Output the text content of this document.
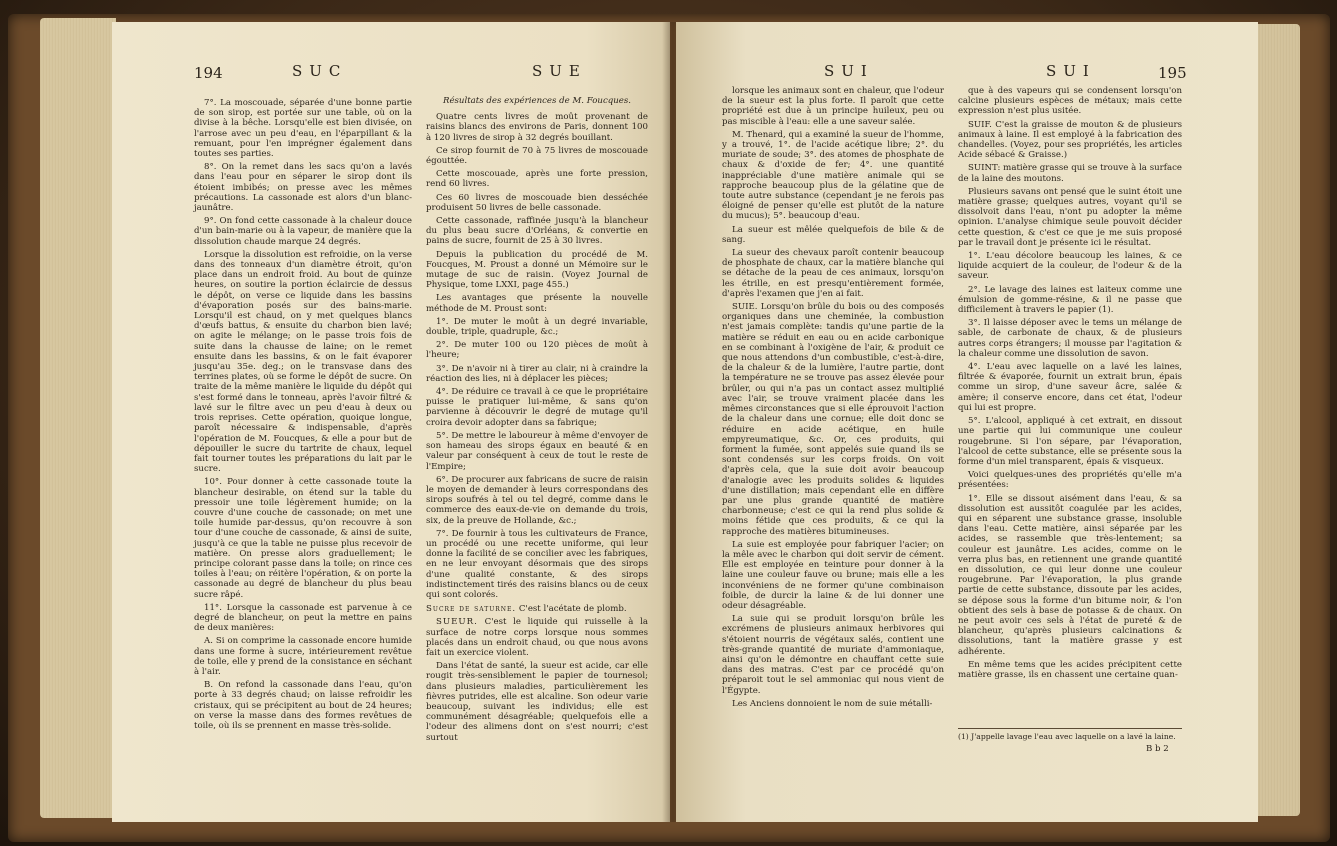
194	SUC	SUE

7°. La moscouade, séparée d'une bonne partie de son sirop, est portée sur une table, où on la divise à la bêche. Lorsqu'elle est bien divisée, on l'arrose avec un peu d'eau, en l'éparpillant & la remuant, pour l'en imprégner également dans toutes ses parties.

8°. On la remet dans les sacs qu'on a lavés dans l'eau pour en séparer le sirop dont ils étoient imbibés; on presse avec les mêmes précautions. La cassonade est alors d'un blanc-jaunâtre.

9°. On fond cette cassonade à la chaleur douce d'un bain-marie ou à la vapeur, de manière que la dissolution chaude marque 24 degrés.

Lorsque la dissolution est refroidie, on la verse dans des tonneaux d'un diamètre étroit, qu'on place dans un endroit froid. Au bout de quinze heures, on soutire la portion éclaircie de dessus le dépôt, on verse ce liquide dans les bassins d'évaporation posés sur des bains-marie. Lorsqu'il est chaud, on y met quelques blancs d'œufs battus, & ensuite du charbon bien lavé; on agite le mélange; on le passe trois fois de suite dans la chausse de laine; on le remet ensuite dans les bassins, & on le fait évaporer jusqu'au 35e. deg.; on le transvase dans des terrines plates, où se forme le dépôt de sucre. On traite de la même manière le liquide du dépôt qui s'est formé dans le tonneau, après l'avoir filtré & lavé sur le filtre avec un peu d'eau à deux ou trois reprises. Cette opération, quoique longue, paroît nécessaire & indispensable, d'après l'opération de M. Foucques, & elle a pour but de dépouiller le sucre du tartrite de chaux, lequel fait tourner toutes les préparations du lait par le sucre.

10°. Pour donner à cette cassonade toute la blancheur desirable, on étend sur la table du pressoir une toile légèrement humide; on la couvre d'une couche de cassonade; on met une toile humide par-dessus, qu'on recouvre à son tour d'une couche de cassonade, & ainsi de suite, jusqu'à ce que la table ne puisse plus recevoir de matière. On presse alors graduellement; le principe colorant passe dans la toile; on rince ces toiles à l'eau; on réitère l'opération, & on porte la cassonade au degré de blancheur du plus beau sucre râpé.

11°. Lorsque la cassonade est parvenue à ce degré de blancheur, on peut la mettre en pains de deux manières:

A. Si on comprime la cassonade encore humide dans une forme à sucre, intérieurement revêtue de toile, elle y prend de la consistance en séchant à l'air.

B. On refond la cassonade dans l'eau, qu'on porte à 33 degrés chaud; on laisse refroidir les cristaux, qui se précipitent au bout de 24 heures; on verse la masse dans des formes revêtues de toile, où ils se prennent en masse très-solide.

Résultats des expériences de M. Foucques.

Quatre cents livres de moût provenant de raisins blancs des environs de Paris, donnent 100 à 120 livres de sirop à 32 degrés bouillant.

Ce sirop fournit de 70 à 75 livres de moscouade égouttée.

Cette moscouade, après une forte pression, rend 60 livres.

Ces 60 livres de moscouade bien desséchée produisent 50 livres de belle cassonade.

Cette cassonade, raffinée jusqu'à la blancheur du plus beau sucre d'Orléans, & convertie en pains de sucre, fournit de 25 à 30 livres.

Depuis la publication du procédé de M. Foucques, M. Proust a donné un Mémoire sur le mutage de suc de raisin. (Voyez Journal de Physique, tome LXXI, page 455.)

Les avantages que présente la nouvelle méthode de M. Proust sont:

1°. De muter le moût à un degré invariable, double, triple, quadruple, &c.;

2°. De muter 100 ou 120 pièces de moût à l'heure;

3°. De n'avoir ni à tirer au clair, ni à craindre la réaction des lies, ni à déplacer les pièces;

4°. De réduire ce travail à ce que le propriétaire puisse le pratiquer lui-même, & sans qu'on parvienne à découvrir le degré de mutage qu'il croira devoir adopter dans sa fabrique;

5°. De mettre le laboureur à même d'envoyer de son hameau des sirops égaux en beauté & en valeur par conséquent à ceux de tout le reste de l'Empire;

6°. De procurer aux fabricans de sucre de raisin le moyen de demander à leurs correspondans des sirops soufrés à tel ou tel degré, comme dans le commerce des eaux-de-vie on demande du trois, six, de la preuve de Hollande, &c.;

7°. De fournir à tous les cultivateurs de France, un procédé ou une recette uniforme, qui leur donne la facilité de se concilier avec les fabriques, en ne leur envoyant désormais que des sirops d'une qualité constante, & des sirops indistinctement tirés des raisins blancs ou de ceux qui sont colorés.

Sucre de saturne. C'est l'acétate de plomb.

SUEUR. C'est le liquide qui ruisselle à la surface de notre corps lorsque nous sommes placés dans un endroit chaud, ou que nous avons fait un exercice violent.

Dans l'état de santé, la sueur est acide, car elle rougit très-sensiblement le papier de tournesol; dans plusieurs maladies, particulièrement les fièvres putrides, elle est alcaline. Son odeur varie beaucoup, suivant les individus; elle est communément désagréable; quelquefois elle a l'odeur des alimens dont on s'est nourri; c'est surtout

SUI	SUI	195

lorsque les animaux sont en chaleur, que l'odeur de la sueur est la plus forte. Il paroît que cette propriété est due à un principe huileux, peu ou pas miscible à l'eau: elle a une saveur salée.

M. Thenard, qui a examiné la sueur de l'homme, y a trouvé, 1°. de l'acide acétique libre; 2°. du muriate de soude; 3°. des atomes de phosphate de chaux & d'oxide de fer; 4°. une quantité inappréciable d'une matière animale qui se rapproche beaucoup plus de la gélatine que de toute autre substance (cependant je ne ferois pas éloigné de penser qu'elle est plutôt de la nature du mucus); 5°. beaucoup d'eau.

La sueur est mêlée quelquefois de bile & de sang.

La sueur des chevaux paroît contenir beaucoup de phosphate de chaux, car la matière blanche qui se détache de la peau de ces animaux, lorsqu'on les étrille, en est presqu'entièrement formée, d'après l'examen que j'en ai fait.

SUIE. Lorsqu'on brûle du bois ou des composés organiques dans une cheminée, la combustion n'est jamais complète: tandis qu'une partie de la matière se réduit en eau ou en acide carbonique en se combinant à l'oxigène de l'air, & produit ce que nous attendons d'un combustible, c'est-à-dire, de la chaleur & de la lumière, l'autre partie, dont la température ne se trouve pas assez élevée pour brûler, ou qui n'a pas un contact assez multiplié avec l'air, se trouve vraiment placée dans les mêmes circonstances que si elle éprouvoit l'action de la chaleur dans une cornue; elle doit donc se réduire en acide acétique, en huile empyreumatique, &c. Or, ces produits, qui forment la fumée, sont appelés suie quand ils se sont condensés sur les corps froids. On voit d'après cela, que la suie doit avoir beaucoup d'analogie avec les produits solides & liquides d'une distillation; mais cependant elle en diffère par une plus grande quantité de matière charbonneuse; c'est ce qui la rend plus solide & moins fétide que ces produits, & ce qui la rapproche des matières bitumineuses.

La suie est employée pour fabriquer l'acier; on la mêle avec le charbon qui doit servir de cément. Elle est employée en teinture pour donner à la laine une couleur fauve ou brune; mais elle a les inconvéniens de ne former qu'une combinaison foible, de durcir la laine & de lui donner une odeur désagréable.

La suie qui se produit lorsqu'on brûle les excrémens de plusieurs animaux herbivores qui s'étoient nourris de végétaux salés, contient une très-grande quantité de muriate d'ammoniaque, ainsi qu'on le démontre en chauffant cette suie dans des matras. C'est par ce procédé qu'on préparoit tout le sel ammoniac qui nous vient de l'Égypte.

Les Anciens donnoient le nom de suie métalli-

que à des vapeurs qui se condensent lorsqu'on calcine plusieurs espèces de métaux; mais cette expression n'est plus usitée.

SUIF. C'est la graisse de mouton & de plusieurs animaux à laine. Il est employé à la fabrication des chandelles. (Voyez, pour ses propriétés, les articles Acide sébacé & Graisse.)

SUINT: matière grasse qui se trouve à la surface de la laine des moutons.

Plusieurs savans ont pensé que le suint étoit une matière grasse; quelques autres, voyant qu'il se dissolvoit dans l'eau, n'ont pu adopter la même opinion. L'analyse chimique seule pouvoit décider cette question, & c'est ce que je me suis proposé par le travail dont je présente ici le résultat.

1°. L'eau décolore beaucoup les laines, & ce liquide acquiert de la couleur, de l'odeur & de la saveur.

2°. Le lavage des laines est laiteux comme une émulsion de gomme-résine, & il ne passe que difficilement à travers le papier (1).

3°. Il laisse déposer avec le tems un mélange de sable, de carbonate de chaux, & de plusieurs autres corps étrangers; il mousse par l'agitation & la chaleur comme une dissolution de savon.

4°. L'eau avec laquelle on a lavé les laines, filtrée & évaporée, fournit un extrait brun, épais comme un sirop, d'une saveur âcre, salée & amère; il conserve encore, dans cet état, l'odeur qui lui est propre.

5°. L'alcool, appliqué à cet extrait, en dissout une partie qui lui communique une couleur rougebrune. Si l'on sépare, par l'évaporation, l'alcool de cette substance, elle se présente sous la forme d'un miel transparent, épais & visqueux.

Voici quelques-unes des propriétés qu'elle m'a présentées:

1°. Elle se dissout aisément dans l'eau, & sa dissolution est aussitôt coagulée par les acides, qui en séparent une substance grasse, insoluble dans l'eau. Cette matière, ainsi séparée par les acides, se rassemble que très-lentement; sa couleur est jaunâtre. Les acides, comme on le verra plus bas, en retiennent une grande quantité en dissolution, ce qui leur donne une couleur rougebrune. Par l'évaporation, la plus grande partie de cette substance, dissoute par les acides, se dépose sous la forme d'un bitume noir, & l'on obtient des sels à base de potasse & de chaux. On ne peut avoir ces sels à l'état de pureté & de blancheur, qu'après plusieurs calcinations & dissolutions, tant la matière grasse y est adhérente.

En même tems que les acides précipitent cette matière grasse, ils en chassent une certaine quan-

(1) J'appelle lavage l'eau avec laquelle on a lavé la laine.
B b 2
